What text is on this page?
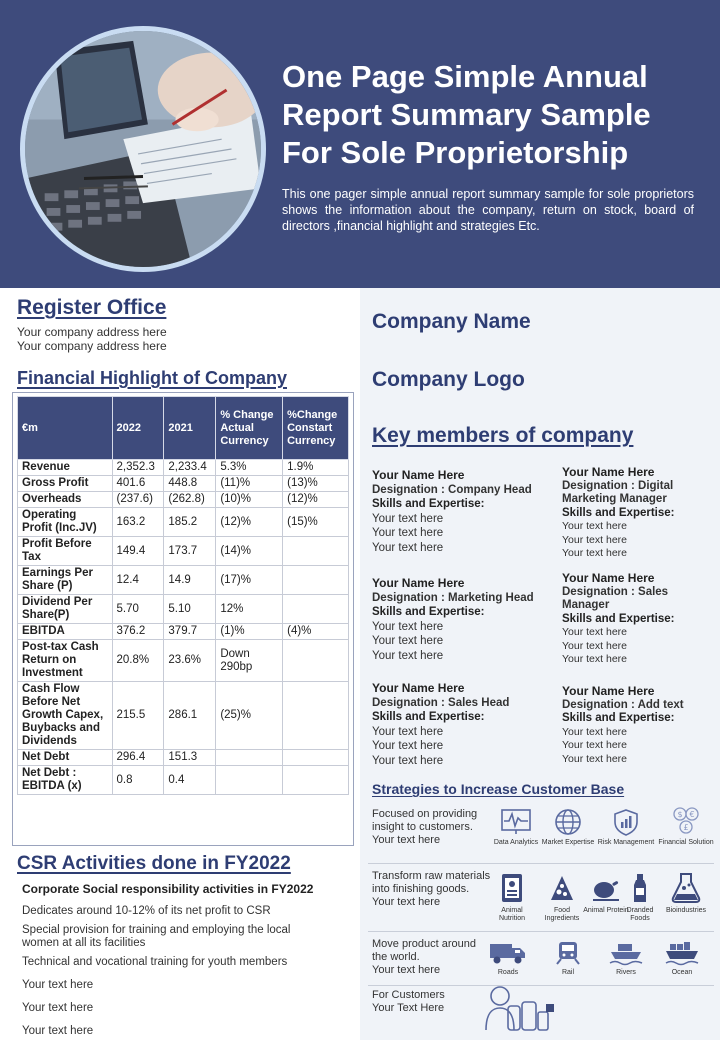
One Page Simple Annual Report Summary Sample For Sole Proprietorship
This one pager simple annual report summary sample for sole proprietors shows the information about the company, return on stock, board of directors ,financial highlight and strategies Etc.
Register Office
Your company address here
Your company address here
Financial Highlight of Company
€m	2022	2021	% Change Actual Currency	%Change Constart Currency
Revenue	2,352.3	2,233.4	5.3%	1.9%
Gross Profit	401.6	448.8	(11)%	(13)%
Overheads	(237.6)	(262.8)	(10)%	(12)%
Operating Profit (Inc.JV)	163.2	185.2	(12)%	(15)%
Profit Before Tax	149.4	173.7	(14)%	
Earnings Per Share (P)	12.4	14.9	(17)%	
Dividend Per Share(P)	5.70	5.10	12%	
EBITDA	376.2	379.7	(1)%	(4)%
Post-tax Cash Return on Investment	20.8%	23.6%	Down 290bp	
Cash Flow Before Net Growth Capex, Buybacks and Dividends	215.5	286.1	(25)%	
Net Debt	296.4	151.3		
Net Debt : EBITDA (x)	0.8	0.4		
CSR Activities done in FY2022
Corporate Social responsibility activities in FY2022
Dedicates around 10-12% of its net profit to CSR
Special provision for training and employing the local women at all its facilities
Technical and vocational training for youth members
Your text here
Your text here
Your text here
Company Name
Company Logo
Key members of company
Your Name Here
Designation : Company Head
Skills and Expertise:
Your text here
Your text here
Your text here
Your Name Here
Designation : Digital Marketing Manager
Skills and Expertise:
Your text here
Your text here
Your text here
Your Name Here
Designation : Marketing Head
Skills and Expertise:
Your text here
Your text here
Your text here
Your Name Here
Designation : Sales Manager
Skills and Expertise:
Your text here
Your text here
Your text here
Your Name Here
Designation : Sales Head
Skills and Expertise:
Your text here
Your text here
Your text here
Your Name Here
Designation : Add text
Skills and Expertise:
Your text here
Your text here
Your text here
Strategies to Increase Customer Base
Focused on providing insight to customers.
Your text here	Data Analytics Market Expertise Risk Management
$ €
£
Financial Solution
Transform raw materials into finishing goods.
Your text here
Animal Nutrition
Food Ingredients
Animal Protein
Dranded Foods
Bioindustries
Move product around the world.
Your text here	Roads	Rail	Rivers	Ocean
For Customers
Your Text Here
